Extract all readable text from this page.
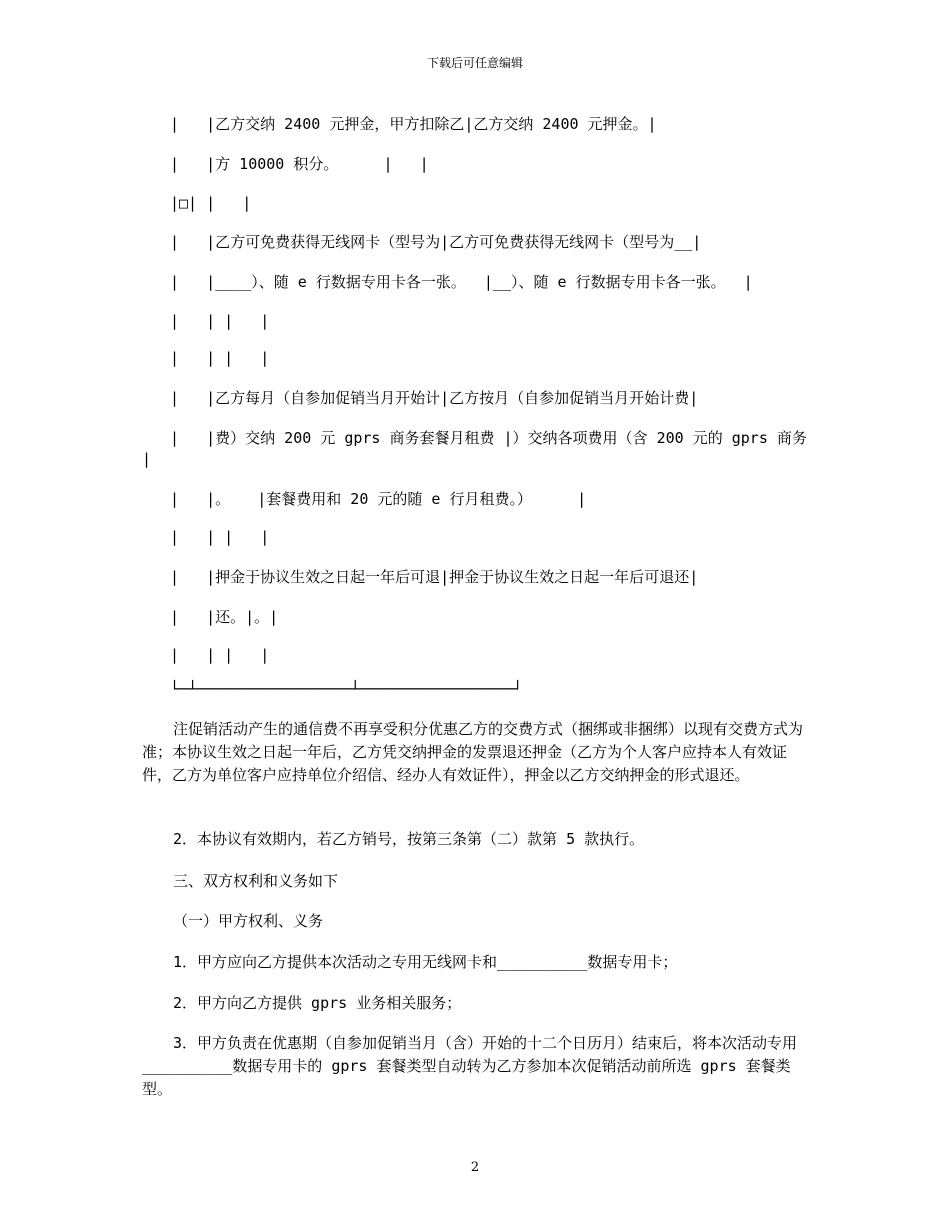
下载后可任意编辑
|   |乙方交纳 2400 元押金，甲方扣除乙|乙方交纳 2400 元押金。|
|   |方 10000 积分。     |   |
|□| |   |
|   |乙方可免费获得无线网卡（型号为|乙方可免费获得无线网卡（型号为__|
|   |____）、随 e 行数据专用卡各一张。  |__）、随 e 行数据专用卡各一张。  |
|   | |   |
|   | |   |
|   |乙方每月（自参加促销当月开始计|乙方按月（自参加促销当月开始计费|
|   |费）交纳 200 元 gprs 商务套餐月租费 |）交纳各项费用（含 200 元的 gprs 商务
|
|   |。   |套餐费用和 20 元的随 e 行月租费。）     |
|   | |   |
|   |押金于协议生效之日起一年后可退|押金于协议生效之日起一年后可退还|
|   |还。|。|
|   | |   |
└─┴─────────────────┴─────────────────┘
注促销活动产生的通信费不再享受积分优惠乙方的交费方式（捆绑或非捆绑）以现有交费方式为准；本协议生效之日起一年后，乙方凭交纳押金的发票退还押金（乙方为个人客户应持本人有效证件，乙方为单位客户应持单位介绍信、经办人有效证件），押金以乙方交纳押金的形式退还。
2．本协议有效期内，若乙方销号，按第三条第（二）款第 5 款执行。
三、双方权利和义务如下
（一）甲方权利、义务
1．甲方应向乙方提供本次活动之专用无线网卡和__________数据专用卡；
2．甲方向乙方提供 gprs 业务相关服务；
3．甲方负责在优惠期（自参加促销当月（含）开始的十二个日历月）结束后，将本次活动专用__________数据专用卡的 gprs 套餐类型自动转为乙方参加本次促销活动前所选 gprs 套餐类型。
2
